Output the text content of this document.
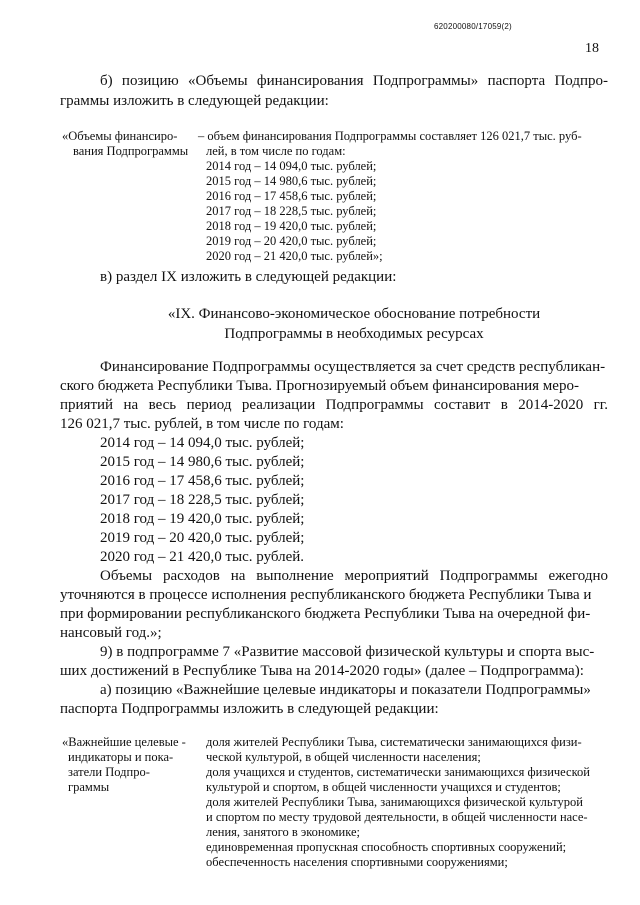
620200080/17059(2)
18
б) позицию «Объемы финансирования Подпрограммы» паспорта Подпро-
граммы изложить в следующей редакции:
«Объемы финансиро-
вания Подпрограммы
– объем финансирования Подпрограммы составляет 126 021,7 тыс. руб-
лей, в том числе по годам:
2014 год – 14 094,0 тыс. рублей;
2015 год – 14 980,6 тыс. рублей;
2016 год – 17 458,6 тыс. рублей;
2017 год – 18 228,5 тыс. рублей;
2018 год – 19 420,0 тыс. рублей;
2019 год – 20 420,0 тыс. рублей;
2020 год – 21 420,0 тыс. рублей»;
в) раздел IX изложить в следующей редакции:
«IX. Финансово-экономическое обоснование потребности
Подпрограммы в необходимых ресурсах
Финансирование Подпрограммы осуществляется за счет средств республикан-
ского бюджета Республики Тыва. Прогнозируемый объем финансирования меро-
приятий на весь период реализации Подпрограммы составит в 2014-2020 гг.
126 021,7 тыс. рублей, в том числе по годам:
2014 год – 14 094,0 тыс. рублей;
2015 год – 14 980,6 тыс. рублей;
2016 год – 17 458,6 тыс. рублей;
2017 год – 18 228,5 тыс. рублей;
2018 год – 19 420,0 тыс. рублей;
2019 год – 20 420,0 тыс. рублей;
2020 год – 21 420,0 тыс. рублей.
Объемы расходов на выполнение мероприятий Подпрограммы ежегодно
уточняются в процессе исполнения республиканского бюджета Республики Тыва и
при формировании республиканского бюджета Республики Тыва на очередной фи-
нансовый год.»;
9) в подпрограмме 7 «Развитие массовой физической культуры и спорта выс-
ших достижений в Республике Тыва на 2014-2020 годы» (далее – Подпрограмма):
а) позицию «Важнейшие целевые индикаторы и показатели Подпрограммы»
паспорта Подпрограммы изложить в следующей редакции:
«Важнейшие целевые -
индикаторы и пока-
затели Подпро-
граммы
доля жителей Республики Тыва, систематически занимающихся физи-
ческой культурой, в общей численности населения;
доля учащихся и студентов, систематически занимающихся физической
культурой и спортом, в общей численности учащихся и студентов;
доля жителей Республики Тыва, занимающихся физической культурой
и спортом по месту трудовой деятельности, в общей численности насе-
ления, занятого в экономике;
единовременная пропускная способность спортивных сооружений;
обеспеченность населения спортивными сооружениями;
